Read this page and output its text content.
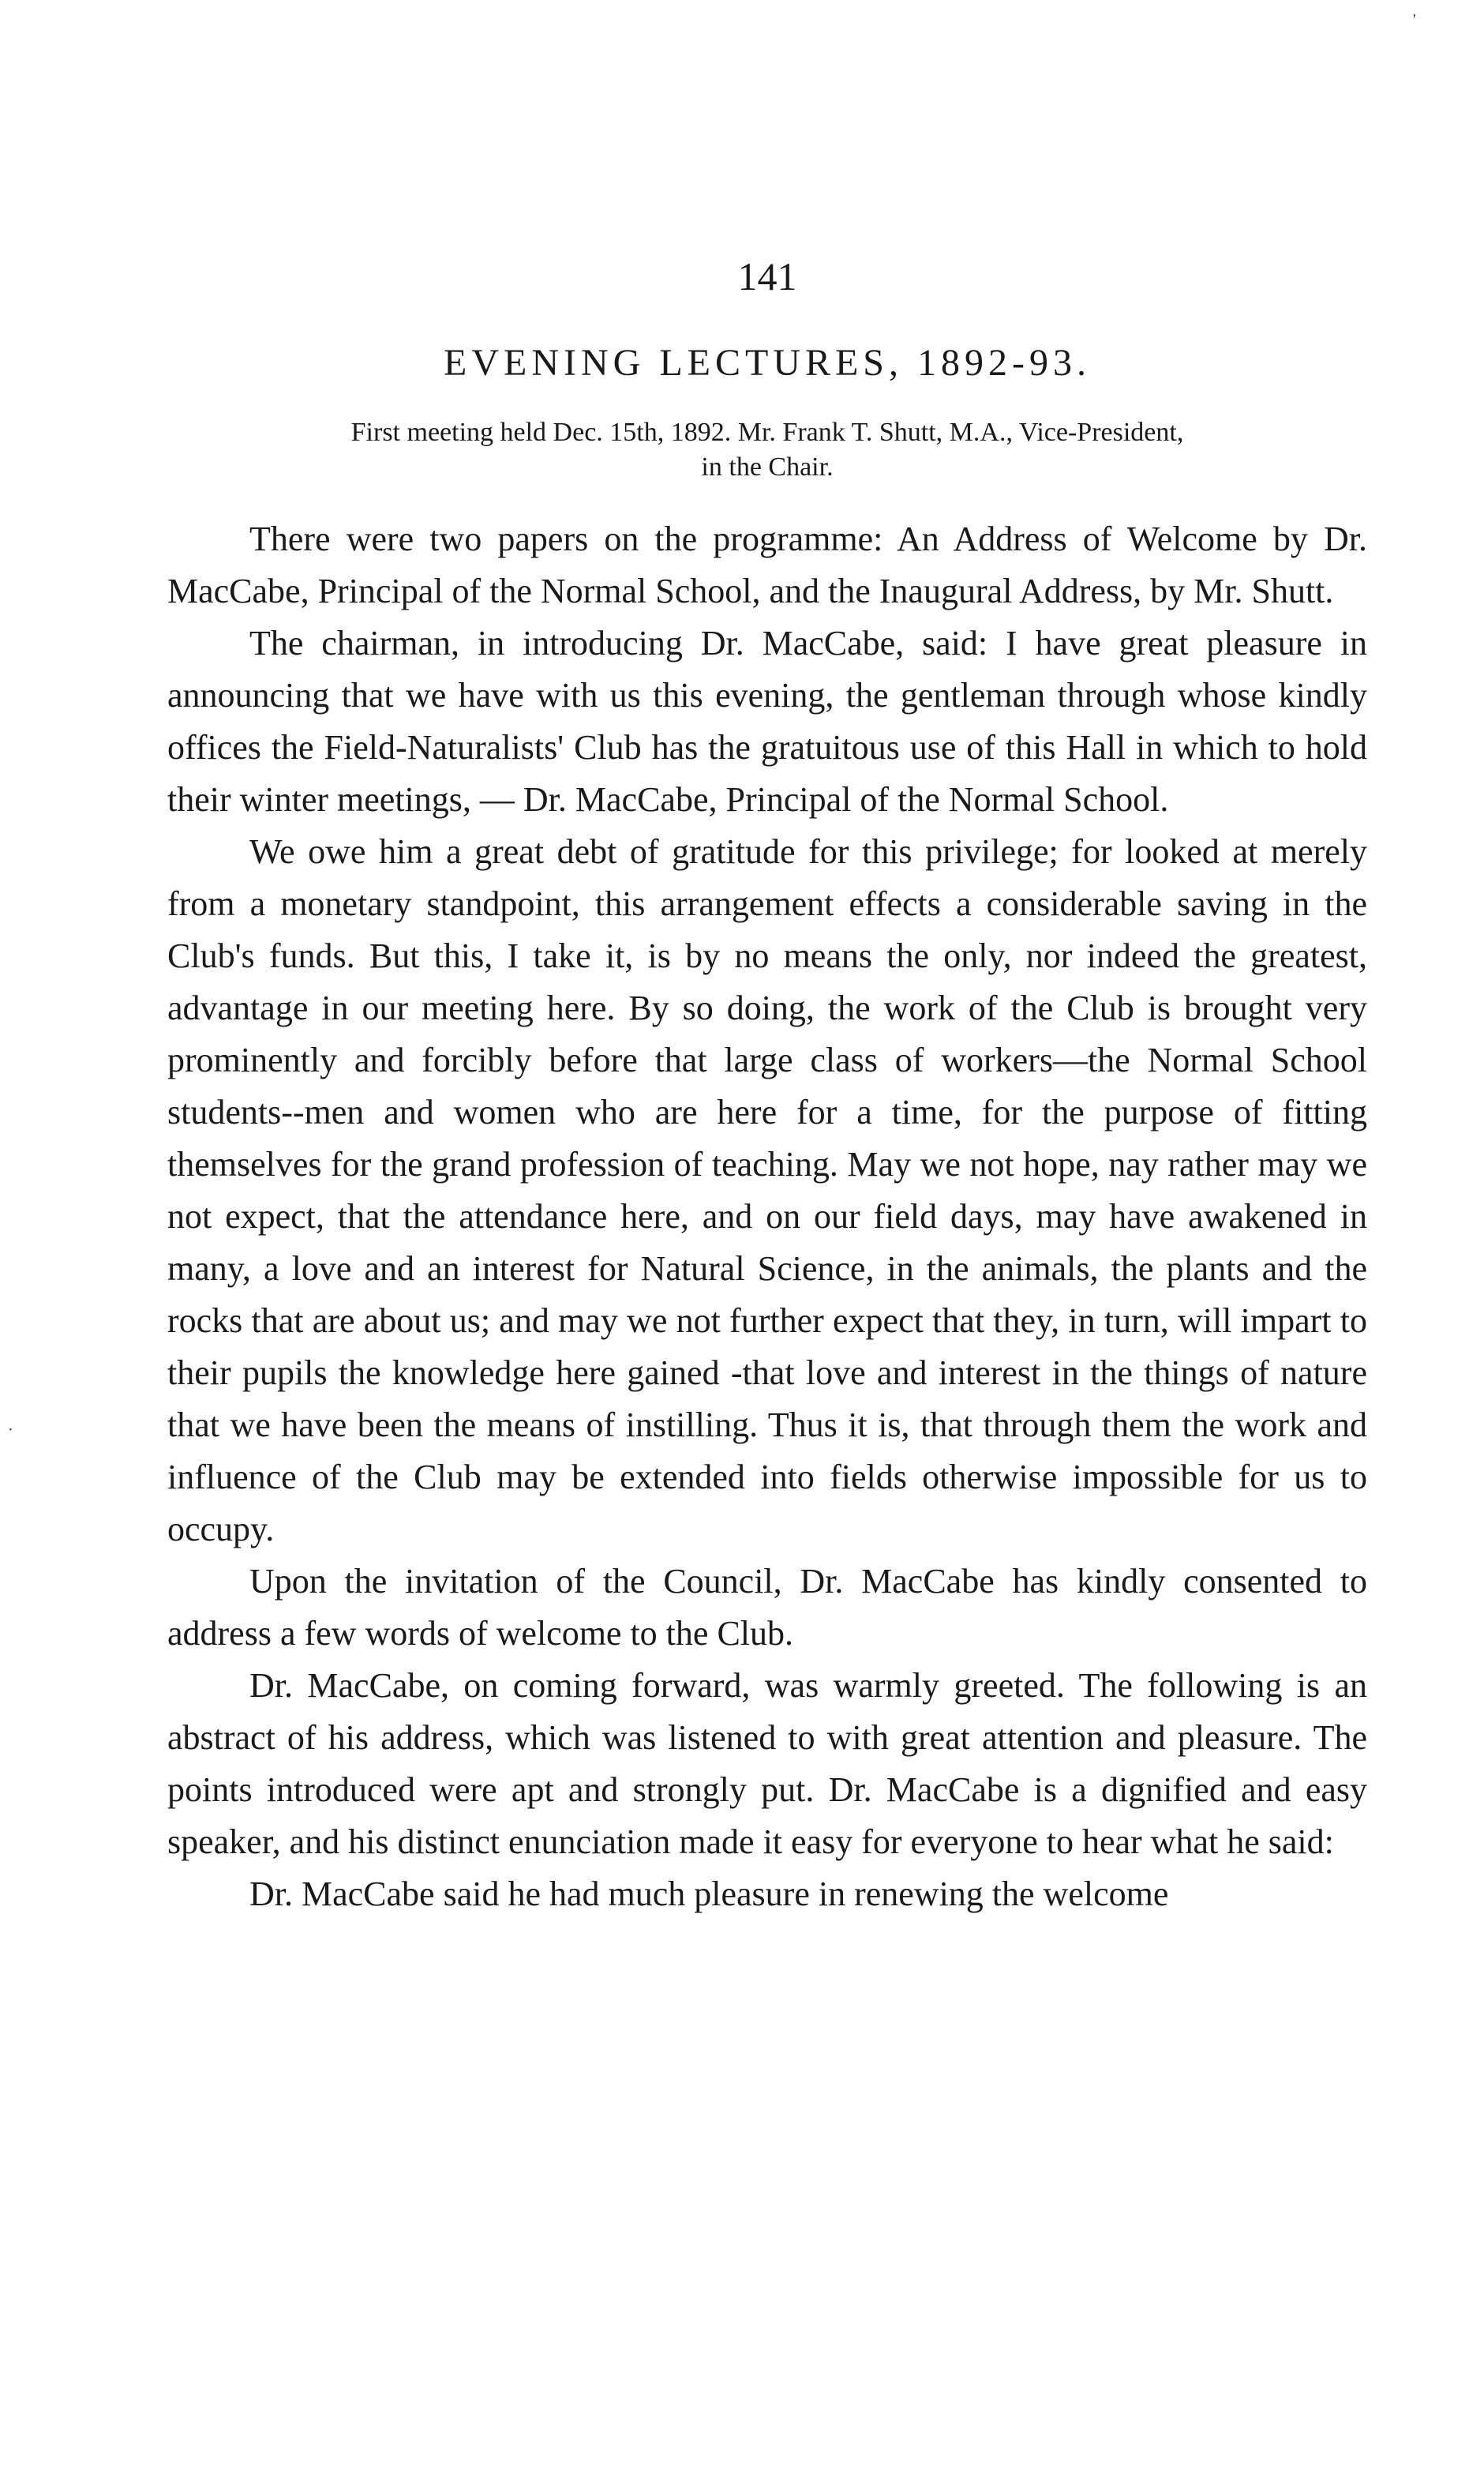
'
·
141
EVENING LECTURES, 1892-93.
First meeting held Dec. 15th, 1892. Mr. Frank T. Shutt, M.A., Vice-President,
in the Chair.

There were two papers on the programme: An Address of Welcome by Dr. MacCabe, Principal of the Normal School, and the Inaugural Address, by Mr. Shutt.

The chairman, in introducing Dr. MacCabe, said: I have great pleasure in announcing that we have with us this evening, the gentleman through whose kindly offices the Field-Naturalists' Club has the gratuitous use of this Hall in which to hold their winter meetings, — Dr. MacCabe, Principal of the Normal School.

We owe him a great debt of gratitude for this privilege; for looked at merely from a monetary standpoint, this arrangement effects a considerable saving in the Club's funds. But this, I take it, is by no means the only, nor indeed the greatest, advantage in our meeting here. By so doing, the work of the Club is brought very prominently and forcibly before that large class of workers—the Normal School students--men and women who are here for a time, for the purpose of fitting themselves for the grand profession of teaching. May we not hope, nay rather may we not expect, that the attendance here, and on our field days, may have awakened in many, a love and an interest for Natural Science, in the animals, the plants and the rocks that are about us; and may we not further expect that they, in turn, will impart to their pupils the knowledge here gained -that love and interest in the things of nature that we have been the means of instilling. Thus it is, that through them the work and influence of the Club may be extended into fields otherwise impossible for us to occupy.

Upon the invitation of the Council, Dr. MacCabe has kindly consented to address a few words of welcome to the Club.

Dr. MacCabe, on coming forward, was warmly greeted. The following is an abstract of his address, which was listened to with great attention and pleasure. The points introduced were apt and strongly put. Dr. MacCabe is a dignified and easy speaker, and his distinct enunciation made it easy for everyone to hear what he said:

Dr. MacCabe said he had much pleasure in renewing the welcome
